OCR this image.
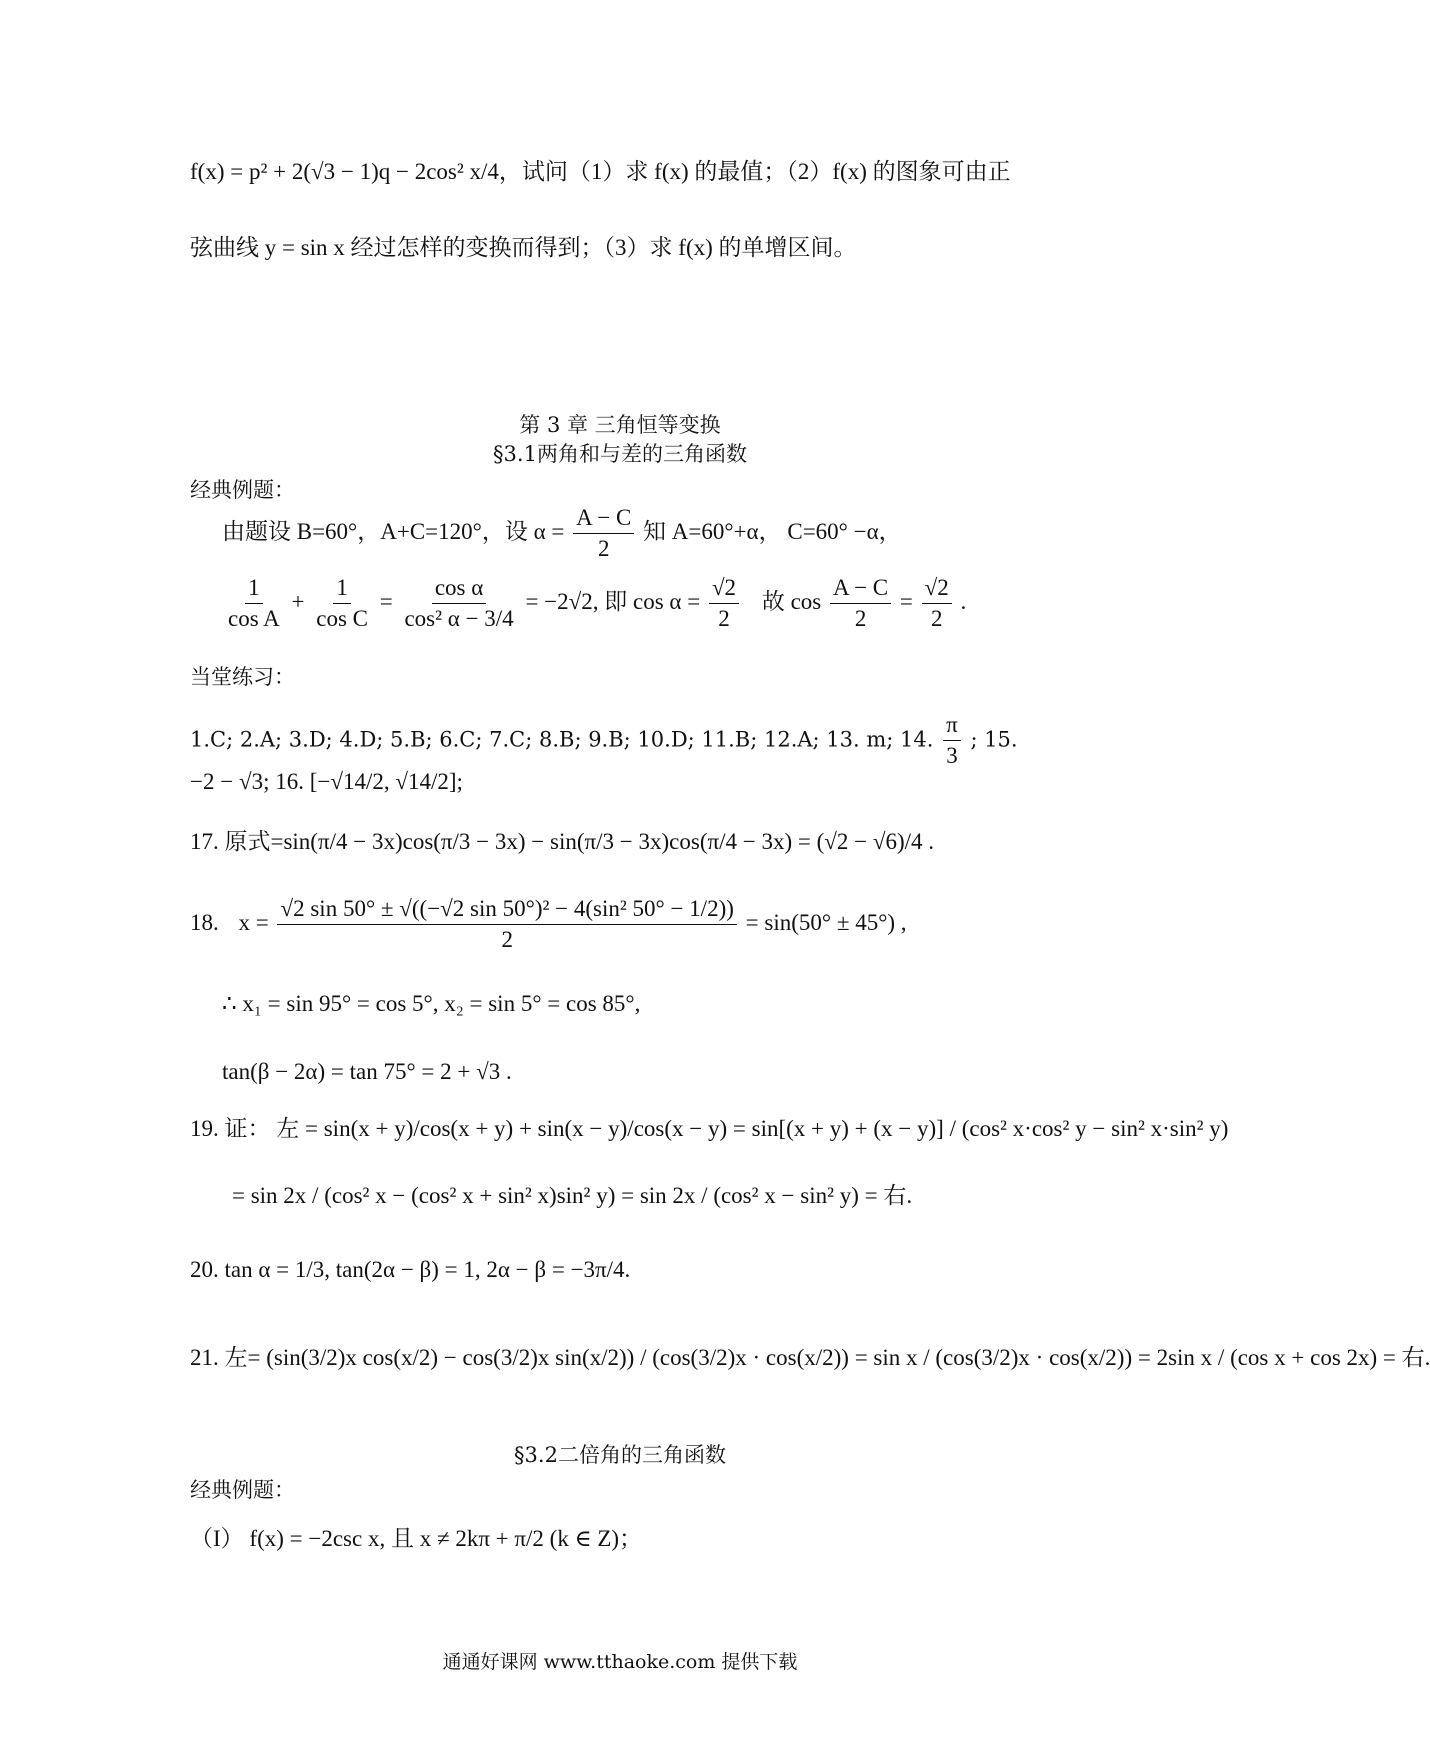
f(x) = p² + 2(√3 − 1)q − 2cos² x/4，试问（1）求 f(x) 的最值；（2）f(x) 的图象可由正
弦曲线 y = sin x 经过怎样的变换而得到；（3）求 f(x) 的单增区间。
第 3 章 三角恒等变换
§3.1两角和与差的三角函数
经典例题：
由题设 B=60°，A+C=120°，设 $\alpha = \frac{A - C}{2}$ 知 A=60°+α， C=60° −α，
$\frac{1}{\text{cos A}} + \frac{1}{\text{cos C}} = \frac{\text{cos α}}{\text{cos² α − 3/4}} = -2√2$, 即 $\cos \alpha = \frac{√2}{2}$ 故 $\cos \frac{A - C}{2} = \frac{√2}{2}$ .
当堂练习：
1.C; 2.A; 3.D; 4.D; 5.B; 6.C; 7.C; 8.B; 9.B; 10.D; 11.B; 12.A; 13. m; 14. $\frac{\pi}{3}$ ; 15.
−2 − √3; 16. [−√14/2, √14/2];
17. 原式=sin(π/4 − 3x)cos(π/3 − 3x) − sin(π/3 − 3x)cos(π/4 − 3x) = (√2 − √6)/4 .
18. $x = \frac{\text{√2 sin 50° ± √((−√2 sin 50°)² − 4(sin² 50° − 1/2))}}{2} = \sin(50^\circ \pm 45^\circ)$ ,
∴ x₁ = sin 95° = cos 5°, x₂ = sin 5° = cos 85°,
tan(β − 2α) = tan 75° = 2 + √3 .
19. 证： 左 = sin(x + y)/cos(x + y) + sin(x − y)/cos(x − y) = sin[(x + y) + (x − y)] / (cos² x·cos² y − sin² x·sin² y)
= sin 2x / (cos² x − (cos² x + sin² x)sin² y) = sin 2x / (cos² x − sin² y) = 右.
20. tan α = 1/3, tan(2α − β) = 1, 2α − β = −3π/4.
21. 左= (sin(3/2)x cos(x/2) − cos(3/2)x sin(x/2)) / (cos(3/2)x · cos(x/2)) = sin x / (cos(3/2)x · cos(x/2)) = 2sin x / (cos x + cos 2x) = 右.
§3.2二倍角的三角函数
经典例题：
（I） f(x) = −2csc x, 且 x ≠ 2kπ + π/2 (k ∈ Z)；
通通好课网 www.tthaoke.com 提供下载
